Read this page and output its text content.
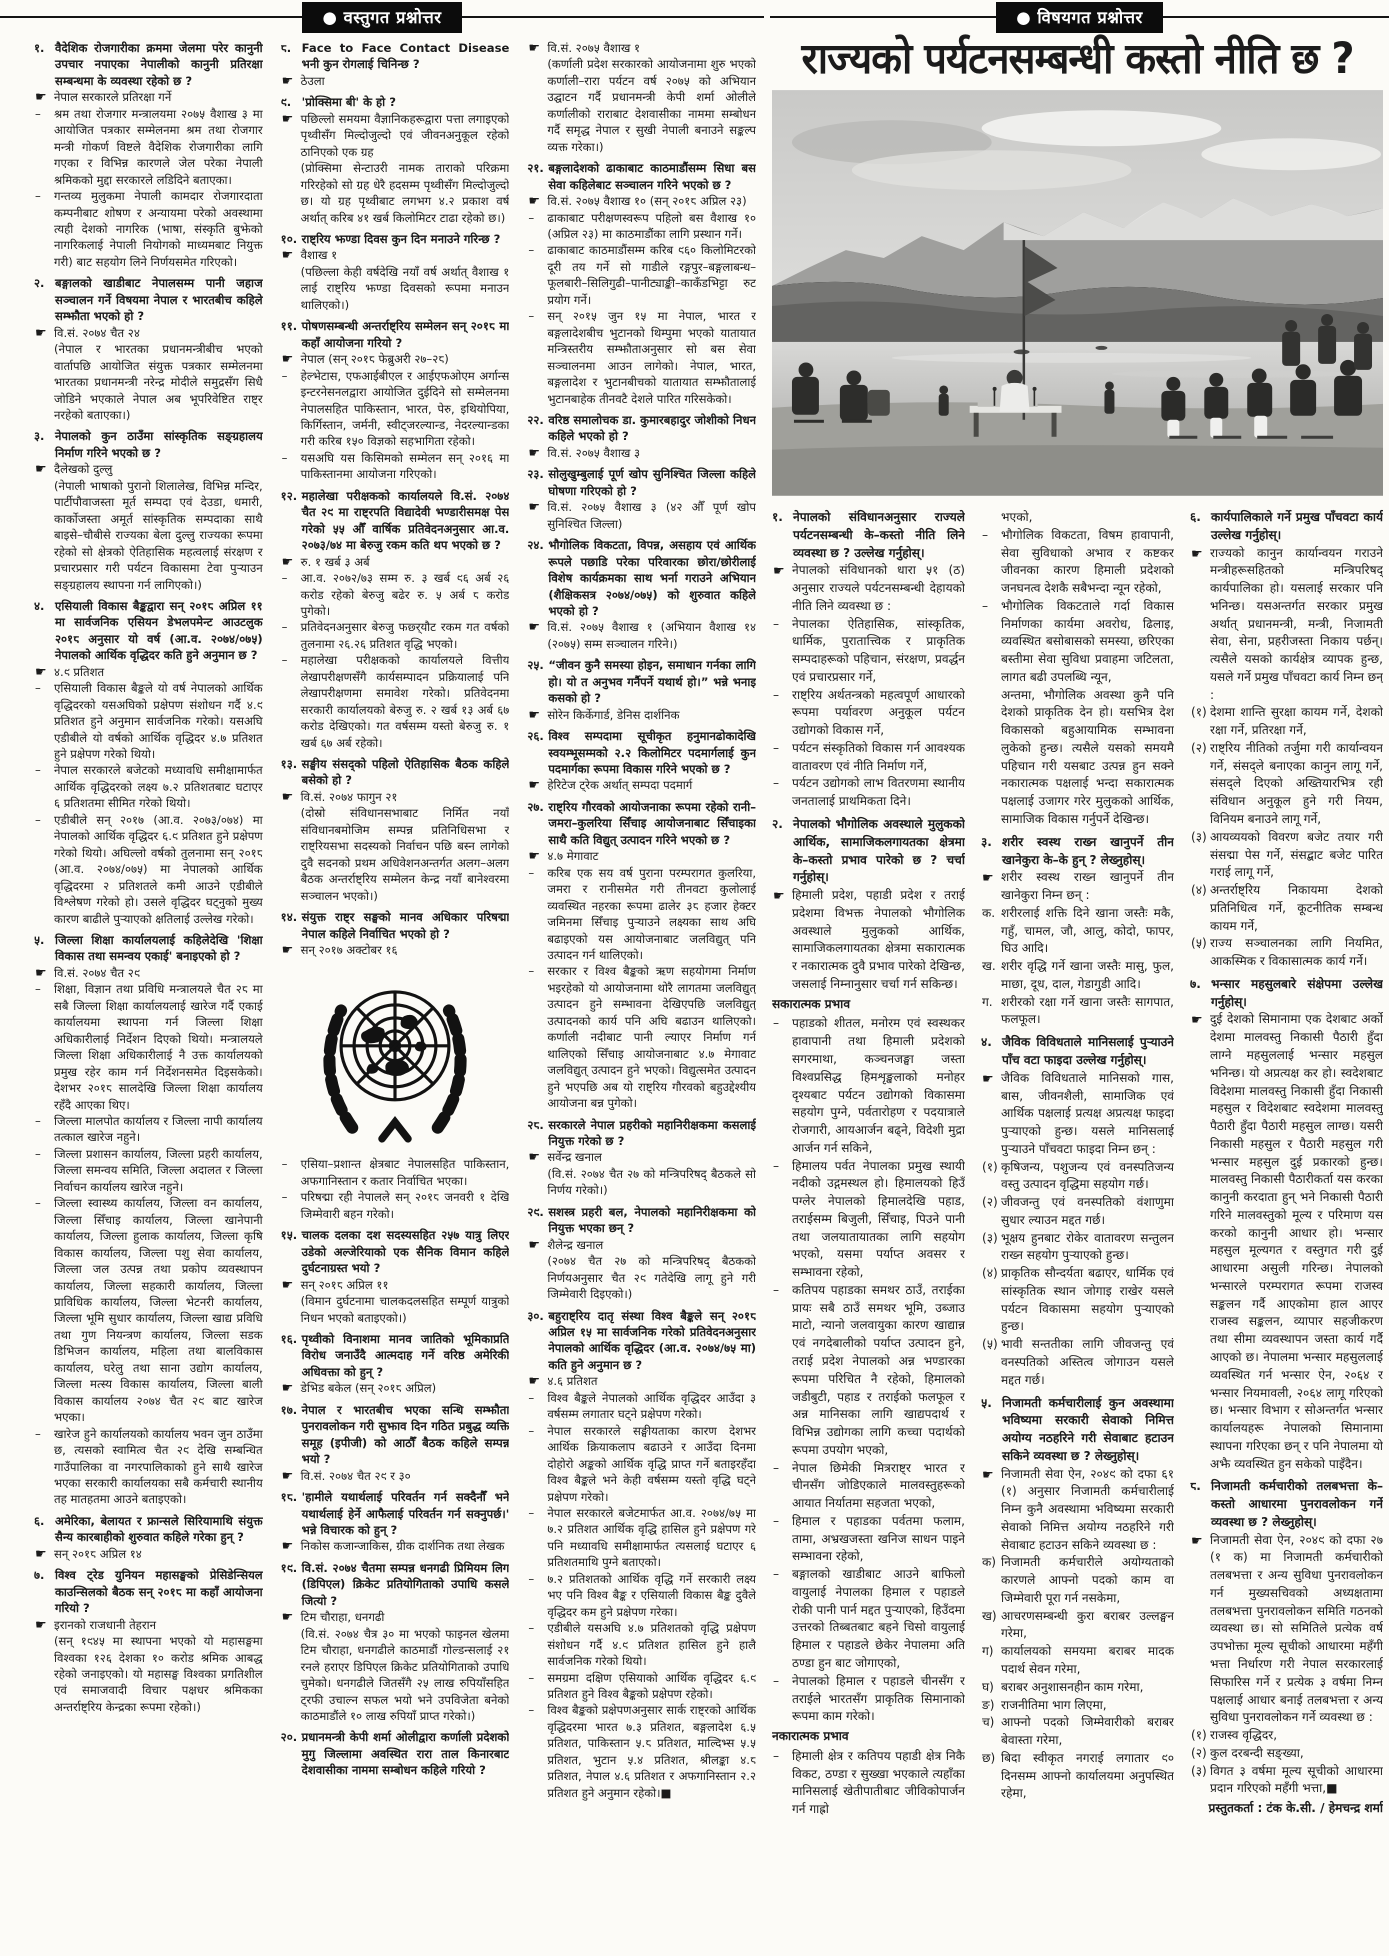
● वस्तुगत प्रश्नोत्तर	● विषयगत प्रश्नोत्तर
१. वैदेशिक रोजगारीका क्रममा जेलमा परेर कानुनी उपचार नपाएका नेपालीको कानुनी प्रतिरक्षा सम्बन्धमा के व्यवस्था रहेको छ ?
☛ नेपाल सरकारले प्रतिरक्षा गर्ने
– श्रम तथा रोजगार मन्त्रालयमा २०७५ वैशाख ३ मा आयोजित पत्रकार सम्मेलनमा श्रम तथा रोजगार मन्त्री गोकर्ण विष्टले वैदेशिक रोजगारीका लागि गएका र विभिन्न कारणले जेल परेका नेपाली श्रमिकको मुद्दा सरकारले लडिदिने बताएका।
– गन्तव्य मुलुकमा नेपाली कामदार रोजगारदाता कम्पनीबाट शोषण र अन्यायमा परेको अवस्थामा त्यही देशको नागरिक (भाषा, संस्कृति बुझेको नागरिकलाई नेपाली नियोगको माध्यमबाट नियुक्त गरी) बाट सहयोग लिने निर्णयसमेत गरिएको।
२. बङ्गालको खाडीबाट नेपालसम्म पानी जहाज सञ्चालन गर्ने विषयमा नेपाल र भारतबीच कहिले सम्झौता भएको हो ?
☛ वि.सं. २०७४ चैत २४
(नेपाल र भारतका प्रधानमन्त्रीबीच भएको वार्तापछि आयोजित संयुक्त पत्रकार सम्मेलनमा भारतका प्रधानमन्त्री नरेन्द्र मोदीले समुद्रसँग सिधै जोडिने भएकाले नेपाल अब भूपरिवेष्टित राष्ट्र नरहेको बताएका।)
३. नेपालको कुन ठाउँमा सांस्कृतिक सङ्ग्रहालय निर्माण गरिने भएको छ ?
☛ दैलेखको दुल्लु
(नेपाली भाषाको पुरानो शिलालेख, विभिन्न मन्दिर, पार्टीपौवाजस्ता मूर्त सम्पदा एवं देउडा, धमारी, कार्कोजस्ता अमूर्त सांस्कृतिक सम्पदाका साथै बाइसे–चौबीसे राज्यका बेला दुल्लु राज्यका रूपमा रहेको सो क्षेत्रको ऐतिहासिक महत्वलाई संरक्षण र प्रचारप्रसार गरी पर्यटन विकासमा टेवा पुर्‍याउन सङ्ग्रहालय स्थापना गर्न लागिएको।)
४. एसियाली विकास बैङ्कद्वारा सन् २०१८ अप्रिल ११ मा सार्वजनिक एसियन डेभलपमेन्ट आउटलुक २०१८ अनुसार यो वर्ष (आ.व. २०७४/०७५) नेपालको आर्थिक वृद्धिदर कति हुने अनुमान छ ?
☛ ४.९ प्रतिशत
– एसियाली विकास बैङ्कले यो वर्ष नेपालको आर्थिक वृद्धिदरको यसअघिको प्रक्षेपण संशोधन गर्दै ४.९ प्रतिशत हुने अनुमान सार्वजनिक गरेको। यसअघि एडीबीले यो वर्षको आर्थिक वृद्धिदर ४.७ प्रतिशत हुने प्रक्षेपण गरेको थियो।
– नेपाल सरकारले बजेटको मध्यावधि समीक्षामार्फत आर्थिक वृद्धिदरको लक्ष्य ७.२ प्रतिशतबाट घटाएर ६ प्रतिशतमा सीमित गरेको थियो।
– एडीबीले सन् २०१७ (आ.व. २०७३/०७४) मा नेपालको आर्थिक वृद्धिदर ६.९ प्रतिशत हुने प्रक्षेपण गरेको थियो। अघिल्लो वर्षको तुलनामा सन् २०१८ (आ.व. २०७४/०७५) मा नेपालको आर्थिक वृद्धिदरमा २ प्रतिशतले कमी आउने एडीबीले विश्लेषण गरेको हो। उसले वृद्धिदर घट्नुको मुख्य कारण बाढीले पुर्‍याएको क्षतिलाई उल्लेख गरेको।
५. जिल्ला शिक्षा कार्यालयलाई कहिलेदेखि 'शिक्षा विकास तथा समन्वय एकाई' बनाइएको हो ?
☛ वि.सं. २०७४ चैत २९
– शिक्षा, विज्ञान तथा प्रविधि मन्त्रालयले चैत २८ मा सबै जिल्ला शिक्षा कार्यालयलाई खारेज गर्दै एकाई कार्यालयमा स्थापना गर्न जिल्ला शिक्षा अधिकारीलाई निर्देशन दिएको थियो। मन्त्रालयले जिल्ला शिक्षा अधिकारीलाई नै उक्त कार्यालयको प्रमुख रहेर काम गर्न निर्देशनसमेत दिइसकेको। देशभर २०१८ सालदेखि जिल्ला शिक्षा कार्यालय रहँदै आएका थिए।
– जिल्ला मालपोत कार्यालय र जिल्ला नापी कार्यालय तत्काल खारेज नहुने।
– जिल्ला प्रशासन कार्यालय, जिल्ला प्रहरी कार्यालय, जिल्ला समन्वय समिति, जिल्ला अदालत र जिल्ला निर्वाचन कार्यालय खारेज नहुने।
– जिल्ला स्वास्थ्य कार्यालय, जिल्ला वन कार्यालय, जिल्ला सिँचाइ कार्यालय, जिल्ला खानेपानी कार्यालय, जिल्ला हुलाक कार्यालय, जिल्ला कृषि विकास कार्यालय, जिल्ला पशु सेवा कार्यालय, जिल्ला जल उत्पन्न तथा प्रकोप व्यवस्थापन कार्यालय, जिल्ला सहकारी कार्यालय, जिल्ला प्राविधिक कार्यालय, जिल्ला भेटनरी कार्यालय, जिल्ला भूमि सुधार कार्यालय, जिल्ला खाद्य प्रविधि तथा गुण नियन्त्रण कार्यालय, जिल्ला सडक डिभिजन कार्यालय, महिला तथा बालविकास कार्यालय, घरेलु तथा साना उद्योग कार्यालय, जिल्ला मत्स्य विकास कार्यालय, जिल्ला बाली विकास कार्यालय २०७४ चैत २९ बाट खारेज भएका।
– खारेज हुने कार्यालयको कार्यालय भवन जुन ठाउँमा छ, त्यसको स्वामित्व चैत २९ देखि सम्बन्धित गाउँपालिका वा नगरपालिकाको हुने साथै खारेज भएका सरकारी कार्यालयका सबै कर्मचारी स्थानीय तह मातहतमा आउने बताइएको।
६. अमेरिका, बेलायत र फ्रान्सले सिरियामाथि संयुक्त सैन्य कारबाहीको शुरुवात कहिले गरेका हुन् ?
☛ सन् २०१८ अप्रिल १४
७. विश्व ट्रेड युनियन महासङ्घको प्रेसिडेन्सियल काउन्सिलको बैठक सन् २०१८ मा कहाँ आयोजना गरियो ?
☛ इरानको राजधानी तेहरान
(सन् १९४५ मा स्थापना भएको यो महासङ्घमा विश्वका १२६ देशका १० करोड श्रमिक आबद्ध रहेको जनाइएको। यो महासङ्घ विश्वका प्रगतिशील एवं समाजवादी विचार पक्षधर श्रमिकका अन्तर्राष्ट्रिय केन्द्रका रूपमा रहेको।)
८. Face to Face Contact Disease भनी कुन रोगलाई चिनिन्छ ?
☛ ठेउला
९. 'प्रोक्सिमा बी' के हो ?
☛ पछिल्लो समयमा वैज्ञानिकहरूद्वारा पत्ता लगाइएको पृथ्वीसँग मिल्दोजुल्दो एवं जीवनअनुकूल रहेको ठानिएको एक ग्रह
(प्रोक्सिमा सेन्टाउरी नामक ताराको परिक्रमा गरिरहेको सो ग्रह धेरै हदसम्म पृथ्वीसँग मिल्दोजुल्दो छ। यो ग्रह पृथ्वीबाट लगभग ४.२ प्रकाश वर्ष अर्थात् करिब ४१ खर्ब किलोमिटर टाढा रहेको छ।)
१०. राष्ट्रिय झण्डा दिवस कुन दिन मनाउने गरिन्छ ?
☛ वैशाख १
(पछिल्ला केही वर्षदेखि नयाँ वर्ष अर्थात् वैशाख १ लाई राष्ट्रिय झण्डा दिवसको रूपमा मनाउन थालिएको।)
११. पोषणसम्बन्धी अन्तर्राष्ट्रिय सम्मेलन सन् २०१८ मा कहाँ आयोजना गरियो ?
☛ नेपाल (सन् २०१८ फेब्रुअरी २७–२८)
– हेल्भेटास, एफआईबीएल र आईएफओएम अर्गान्स इन्टरनेसनलद्वारा आयोजित दुईदिने सो सम्मेलनमा नेपालसहित पाकिस्तान, भारत, पेरु, इथियोपिया, किर्गिस्तान, जर्मनी, स्वीट्जरल्यान्ड, नेदरल्यान्डका गरी करिब १५० विज्ञको सहभागिता रहेको।
– यसअघि यस किसिमको सम्मेलन सन् २०१६ मा पाकिस्तानमा आयोजना गरिएको।
१२. महालेखा परीक्षकको कार्यालयले वि.सं. २०७४ चैत २९ मा राष्ट्रपति विद्यादेवी भण्डारीसमक्ष पेस गरेको ५५ औँ वार्षिक प्रतिवेदनअनुसार आ.व. २०७३/७४ मा बेरुजु रकम कति थप भएको छ ?
☛ रु. १ खर्ब ३ अर्ब
– आ.व. २०७२/७३ सम्म रु. ३ खर्ब ९६ अर्ब २६ करोड रहेको बेरुजु बढेर रु. ५ अर्ब ८ करोड पुगेको।
– प्रतिवेदनअनुसार बेरुजु फछ्र्यौट रकम गत वर्षको तुलनामा २६.२६ प्रतिशत वृद्धि भएको।
– महालेखा परीक्षकको कार्यालयले वित्तीय लेखापरीक्षणसँगै कार्यसम्पादन प्रक्रियालाई पनि लेखापरीक्षणमा समावेश गरेको। प्रतिवेदनमा सरकारी कार्यालयको बेरुजु रु. २ खर्ब १३ अर्ब ६७ करोड देखिएको। गत वर्षसम्म यस्तो बेरुजु रु. १ खर्ब ६७ अर्ब रहेको।
१३. सङ्घीय संसद्को पहिलो ऐतिहासिक बैठक कहिले बसेको हो ?
☛ वि.सं. २०७४ फागुन २१
(दोस्रो संविधानसभाबाट निर्मित नयाँ संविधानबमोजिम सम्पन्न प्रतिनिधिसभा र राष्ट्रियसभा सदस्यको निर्वाचन पछि बस्न लागेको दुवै सदनको प्रथम अधिवेशनअन्तर्गत अलग–अलग बैठक अन्तर्राष्ट्रिय सम्मेलन केन्द्र नयाँ बानेश्वरमा सञ्चालन भएको।)
१४. संयुक्त राष्ट्र सङ्घको मानव अधिकार परिषद्मा नेपाल कहिले निर्वाचित भएको हो ?
☛ सन् २०१७ अक्टोबर १६
– एसिया–प्रशान्त क्षेत्रबाट नेपालसहित पाकिस्तान, अफगानिस्तान र कतार निर्वाचित भएका।
– परिषद्मा रही नेपालले सन् २०१८ जनवरी १ देखि जिम्मेवारी बहन गरेको।
१५. चालक दलका दश सदस्यसहित २५७ यात्रु लिएर उडेको अल्जेरियाको एक सैनिक विमान कहिले दुर्घटनाग्रस्त भयो ?
☛ सन् २०१८ अप्रिल ११
(विमान दुर्घटनामा चालकदलसहित सम्पूर्ण यात्रुको निधन भएको बताइएको।)
१६. पृथ्वीको विनाशमा मानव जातिको भूमिकाप्रति विरोध जनाउँदै आत्मदाह गर्ने वरिष्ठ अमेरिकी अधिवक्ता को हुन् ?
☛ डेभिड बकेल (सन् २०१८ अप्रिल)
१७. नेपाल र भारतबीच भएका सन्धि सम्झौता पुनरावलोकन गरी सुझाव दिन गठित प्रबुद्ध व्यक्ति समूह (इपीजी) को आठौँ बैठक कहिले सम्पन्न भयो ?
☛ वि.सं. २०७४ चैत २९ र ३०
१८. 'हामीले यथार्थलाई परिवर्तन गर्न सक्दैनौँ भने यथार्थलाई हेर्ने आफैलाई परिवर्तन गर्न सक्नुपर्छ।' भन्ने विचारक को हुन् ?
☛ निकोस कजान्जाकिस, ग्रीक दार्शनिक तथा लेखक
१९. वि.सं. २०७४ चैतमा सम्पन्न धनगढी प्रिमियम लिग (डिपिएल) क्रिकेट प्रतियोगिताको उपाधि कसले जित्यो ?
☛ टिम चौराहा, धनगढी
(वि.सं. २०७४ चैत्र ३० मा भएको फाइनल खेलमा टिम चौराहा, धनगढीले काठमाडौं गोल्डन्सलाई २१ रनले हराएर डिपिएल क्रिकेट प्रतियोगिताको उपाधि चुमेको। धनगढीले जितसँगै २५ लाख रुपियाँसहित ट्रफी उचाल्न सफल भयो भने उपविजेता बनेको काठमाडौंले १० लाख रुपियाँ प्राप्त गरेको।)
२०. प्रधानमन्त्री केपी शर्मा ओलीद्वारा कर्णाली प्रदेशको मुगु जिल्लामा अवस्थित रारा ताल किनारबाट देशवासीका नाममा सम्बोधन कहिले गरियो ?
☛ वि.सं. २०७५ वैशाख १
(कर्णाली प्रदेश सरकारको आयोजनामा शुरु भएको कर्णाली–रारा पर्यटन वर्ष २०७५ को अभियान उद्घाटन गर्दै प्रधानमन्त्री केपी शर्मा ओलीले कर्णालीको राराबाट देशवासीका नाममा सम्बोधन गर्दै समृद्ध नेपाल र सुखी नेपाली बनाउने सङ्कल्प व्यक्त गरेका।)
२१. बङ्गलादेशको ढाकाबाट काठमाडौंसम्म सिधा बस सेवा कहिलेबाट सञ्चालन गरिने भएको छ ?
☛ वि.सं. २०७५ वैशाख १० (सन् २०१८ अप्रिल २३)
– ढाकाबाट परीक्षणस्वरूप पहिलो बस वैशाख १० (अप्रिल २३) मा काठमाडौंका लागि प्रस्थान गर्ने।
– ढाकाबाट काठमाडौंसम्म करिब ९६० किलोमिटरको दूरी तय गर्ने सो गाडीले रङ्गपुर–बङ्गलाबन्ध–फूलबारी–सिलिगुढी–पानीट्याङ्की–काकँडभिट्टा रुट प्रयोग गर्ने।
– सन् २०१५ जुन १५ मा नेपाल, भारत र बङ्गलादेशबीच भुटानको थिम्पुमा भएको यातायात मन्त्रिस्तरीय सम्झौताअनुसार सो बस सेवा सञ्चालनमा आउन लागेको। नेपाल, भारत, बङ्गलादेश र भुटानबीचको यातायात सम्झौतालाई भुटानबाहेक तीनवटै देशले पारित गरिसकेको।
२२. वरिष्ठ समालोचक डा. कुमारबहादुर जोशीको निधन कहिले भएको हो ?
☛ वि.सं. २०७५ वैशाख ३
२३. सोलुखुम्बुलाई पूर्ण खोप सुनिश्चित जिल्ला कहिले घोषणा गरिएको हो ?
☛ वि.सं. २०७५ वैशाख ३ (४२ औँ पूर्ण खोप सुनिश्चित जिल्ला)
२४. भौगोलिक विकटता, विपन्न, असहाय एवं आर्थिक रूपले पछाडि परेका परिवारका छोरा/छोरीलाई विशेष कार्यक्रमका साथ भर्ना गराउने अभियान (शैक्षिकसत्र २०७४/०७५) को शुरुवात कहिले भएको हो ?
☛ वि.सं. २०७५ वैशाख १ (अभियान वैशाख १४ (२०७५) सम्म सञ्चालन गरिने।)
२५. “जीवन कुनै समस्या होइन, समाधान गर्नका लागि हो। यो त अनुभव गर्नैपर्ने यथार्थ हो।” भन्ने भनाइ कसको हो ?
☛ सोरेन किर्केगार्ड, डेनिस दार्शनिक
२६. विश्व सम्पदामा सूचीकृत हनुमानढोकादेखि स्वयम्भूसम्मको २.२ किलोमिटर पदमार्गलाई कुन पदमार्गका रूपमा विकास गरिने भएको छ ?
☛ हेरिटेज ट्रेक अर्थात् सम्पदा पदमार्ग
२७. राष्ट्रिय गौरवको आयोजनाका रूपमा रहेको रानी–जमरा–कुलरिया सिँचाइ आयोजनाबाट सिँचाइका साथै कति विद्युत् उत्पादन गरिने भएको छ ?
☛ ४.७ मेगावाट
– करिब एक सय वर्ष पुराना परम्परागत कुलरिया, जमरा र रानीसमेत गरी तीनवटा कुलोलाई व्यवस्थित नहरका रूपमा ढालेर ३८ हजार हेक्टर जमिनमा सिँचाइ पुर्‍याउने लक्ष्यका साथ अघि बढाइएको यस आयोजनाबाट जलविद्युत् पनि उत्पादन गर्न थालिएको।
– सरकार र विश्व बैङ्कको ऋण सहयोगमा निर्माण भइरहेको यो आयोजनामा थोरै लागतमा जलविद्युत् उत्पादन हुने सम्भावना देखिएपछि जलविद्युत् उत्पादनको कार्य पनि अघि बढाउन थालिएको। कर्णाली नदीबाट पानी ल्याएर निर्माण गर्न थालिएको सिँचाइ आयोजनाबाट ४.७ मेगावाट जलविद्युत् उत्पादन हुने भएको। विद्युत्समेत उत्पादन हुने भएपछि अब यो राष्ट्रिय गौरवको बहुउद्देश्यीय आयोजना बन्न पुगेको।
२८. सरकारले नेपाल प्रहरीको महानिरीक्षकमा कसलाई नियुक्त गरेको छ ?
☛ सर्वेन्द्र खनाल
(वि.सं. २०७४ चैत २७ को मन्त्रिपरिषद् बैठकले सो निर्णय गरेको।)
२९. सशस्त्र प्रहरी बल, नेपालको महानिरीक्षकमा को नियुक्त भएका छन् ?
☛ शैलेन्द्र खनाल
(२०७४ चैत २७ को मन्त्रिपरिषद् बैठकको निर्णयअनुसार चैत २९ गतेदेखि लागू हुने गरी जिम्मेवारी दिइएको।)
३०. बहुराष्ट्रिय दातृ संस्था विश्व बैङ्कले सन् २०१८ अप्रिल १५ मा सार्वजनिक गरेको प्रतिवेदनअनुसार नेपालको आर्थिक वृद्धिदर (आ.व. २०७४/७५ मा) कति हुने अनुमान छ ?
☛ ४.६ प्रतिशत
– विश्व बैङ्कले नेपालको आर्थिक वृद्धिदर आउँदा ३ वर्षसम्म लगातार घट्ने प्रक्षेपण गरेको।
– नेपाल सरकारले सङ्घीयताका कारण देशभर आर्थिक क्रियाकलाप बढाउने र आउँदा दिनमा दोहोरो अङ्कको आर्थिक वृद्धि प्राप्त गर्ने बताइरहँदा विश्व बैङ्कले भने केही वर्षसम्म यस्तो वृद्धि घट्ने प्रक्षेपण गरेको।
– नेपाल सरकारले बजेटमार्फत आ.व. २०७४/७५ मा ७.२ प्रतिशत आर्थिक वृद्धि हासिल हुने प्रक्षेपण गरे पनि मध्यावधि समीक्षामार्फत त्यसलाई घटाएर ६ प्रतिशतमाथि पुग्ने बताएको।
– ७.२ प्रतिशतको आर्थिक वृद्धि गर्ने सरकारी लक्ष्य भए पनि विश्व बैङ्क र एसियाली विकास बैङ्क दुवैले वृद्धिदर कम हुने प्रक्षेपण गरेका।
– एडीबीले यसअघि ४.७ प्रतिशतको वृद्धि प्रक्षेपण संशोधन गर्दै ४.९ प्रतिशत हासिल हुने हालै सार्वजनिक गरेको थियो।
– समग्रमा दक्षिण एसियाको आर्थिक वृद्धिदर ६.९ प्रतिशत हुने विश्व बैङ्कको प्रक्षेपण रहेको।
– विश्व बैङ्कको प्रक्षेपणअनुसार सार्क राष्ट्रको आर्थिक वृद्धिदरमा भारत ७.३ प्रतिशत, बङ्गलादेश ६.५ प्रतिशत, पाकिस्तान ५.८ प्रतिशत, माल्दिभ्स ५.५ प्रतिशत, भुटान ५.४ प्रतिशत, श्रीलङ्का ४.८ प्रतिशत, नेपाल ४.६ प्रतिशत र अफगानिस्तान २.२ प्रतिशत हुने अनुमान रहेको।■
राज्यको पर्यटनसम्बन्धी कस्तो नीति छ ?
१. नेपालको संविधानअनुसार राज्यले पर्यटनसम्बन्धी के–कस्तो नीति लिने व्यवस्था छ ? उल्लेख गर्नुहोस्।
☛ नेपालको संविधानको धारा ५१ (ठ) अनुसार राज्यले पर्यटनसम्बन्धी देहायको नीति लिने व्यवस्था छ :
– नेपालका ऐतिहासिक, सांस्कृतिक, धार्मिक, पुरातात्त्विक र प्राकृतिक सम्पदाहरूको पहिचान, संरक्षण, प्रवर्द्धन एवं प्रचारप्रसार गर्ने,
– राष्ट्रिय अर्थतन्त्रको महत्वपूर्ण आधारको रूपमा पर्यावरण अनुकूल पर्यटन उद्योगको विकास गर्ने,
– पर्यटन संस्कृतिको विकास गर्न आवश्यक वातावरण एवं नीति निर्माण गर्ने,
– पर्यटन उद्योगको लाभ वितरणमा स्थानीय जनतालाई प्राथमिकता दिने।
२. नेपालको भौगोलिक अवस्थाले मुलुकको आर्थिक, सामाजिकलगायतका क्षेत्रमा के–कस्तो प्रभाव पारेको छ ? चर्चा गर्नुहोस्।
☛ हिमाली प्रदेश, पहाडी प्रदेश र तराई प्रदेशमा विभक्त नेपालको भौगोलिक अवस्थाले मुलुकको आर्थिक, सामाजिकलगायतका क्षेत्रमा सकारात्मक र नकारात्मक दुवै प्रभाव पारेको देखिन्छ, जसलाई निम्नानुसार चर्चा गर्न सकिन्छ।
सकारात्मक प्रभाव
– पहाडको शीतल, मनोरम एवं स्वस्थकर हावापानी तथा हिमाली प्रदेशको सगरमाथा, कञ्चनजङ्घा जस्ता विश्वप्रसिद्ध हिमशृङ्खलाको मनोहर दृश्यबाट पर्यटन उद्योगको विकासमा सहयोग पुग्ने, पर्वतारोहण र पदयात्राले रोजगारी, आयआर्जन बढ्ने, विदेशी मुद्रा आर्जन गर्न सकिने,
– हिमालय पर्वत नेपालका प्रमुख स्थायी नदीको उद्गमस्थल हो। हिमालयको हिउँ पग्लेर नेपालको हिमालदेखि पहाड, तराईसम्म बिजुली, सिँचाइ, पिउने पानी तथा जलयातायातका लागि सहयोग भएको, यसमा पर्याप्त अवसर र सम्भावना रहेको,
– कतिपय पहाडका समथर ठाउँ, तराईका प्रायः सबै ठाउँ समथर भूमि, उब्जाउ माटो, न्यानो जलवायुका कारण खाद्यान्न एवं नगदेबालीको पर्याप्त उत्पादन हुने, तराई प्रदेश नेपालको अन्न भण्डारका रूपमा परिचित नै रहेको, हिमालको जडीबुटी, पहाड र तराईको फलफूल र अन्न मानिसका लागि खाद्यपदार्थ र विभिन्न उद्योगका लागि कच्चा पदार्थको रूपमा उपयोग भएको,
– नेपाल छिमेकी मित्रराष्ट्र भारत र चीनसँग जोडिएकाले मालवस्तुहरूको आयात निर्यातमा सहजता भएको,
– हिमाल र पहाडका पर्वतमा फलाम, तामा, अभ्रखजस्ता खनिज साधन पाइने सम्भावना रहेको,
– बङ्गालको खाडीबाट आउने बाफिलो वायुलाई नेपालका हिमाल र पहाडले रोकी पानी पार्न मद्दत पुर्‍याएको, हिउँदमा उत्तरको तिब्बतबाट बहने चिसो वायुलाई हिमाल र पहाडले छेकेर नेपालमा अति ठण्डा हुन बाट जोगाएको,
– नेपालको हिमाल र पहाडले चीनसँग र तराईले भारतसँग प्राकृतिक सिमानाको रूपमा काम गरेको।
नकारात्मक प्रभाव
– हिमाली क्षेत्र र कतिपय पहाडी क्षेत्र निकै विकट, ठण्डा र सुख्खा भएकाले त्यहाँका मानिसलाई खेतीपातीबाट जीविकोपार्जन गर्न गाह्रो
भएको,
– भौगोलिक विकटता, विषम हावापानी, सेवा सुविधाको अभाव र कष्टकर जीवनका कारण हिमाली प्रदेशको जनघनत्व देशकै सबैभन्दा न्यून रहेको,
– भौगोलिक विकटताले गर्दा विकास निर्माणका कार्यमा अवरोध, ढिलाइ, व्यवस्थित बसोबासको समस्या, छरिएका बस्तीमा सेवा सुविधा प्रवाहमा जटिलता, लागत बढी उपलब्धि न्यून,
अन्तमा, भौगोलिक अवस्था कुनै पनि देशको प्राकृतिक देन हो। यसभित्र देश विकासको बहुआयामिक सम्भावना लुकेको हुन्छ। त्यसैले यसको समयमै पहिचान गरी यसबाट उत्पन्न हुन सक्ने नकारात्मक पक्षलाई भन्दा सकारात्मक पक्षलाई उजागर गरेर मुलुकको आर्थिक, सामाजिक विकास गर्नुपर्ने देखिन्छ।
३. शरीर स्वस्थ राख्न खानुपर्ने तीन खानेकुरा के–के हुन् ? लेख्नुहोस्।
☛ शरीर स्वस्थ राख्न खानुपर्ने तीन खानेकुरा निम्न छन् :
क. शरीरलाई शक्ति दिने खाना जस्तैः मकै, गहुँ, चामल, जौ, आलु, कोदो, फापर, घिउ आदि।
ख. शरीर वृद्धि गर्ने खाना जस्तैः मासु, फुल, माछा, दूध, दाल, गेडागुडी आदि।
ग. शरीरको रक्षा गर्ने खाना जस्तैः सागपात, फलफूल।
४. जैविक विविधताले मानिसलाई पुर्‍याउने पाँच वटा फाइदा उल्लेख गर्नुहोस्।
☛ जैविक विविधताले मानिसको गास, बास, जीवनशैली, सामाजिक एवं आर्थिक पक्षलाई प्रत्यक्ष अप्रत्यक्ष फाइदा पुर्‍याएको हुन्छ। यसले मानिसलाई पुर्‍याउने पाँचवटा फाइदा निम्न छन् :
(१) कृषिजन्य, पशुजन्य एवं वनस्पतिजन्य वस्तु उत्पादन वृद्धिमा सहयोग गर्छ।
(२) जीवजन्तु एवं वनस्पतिको वंशाणुमा सुधार ल्याउन मद्दत गर्छ।
(३) भूक्षय हुनबाट रोकेर वातावरण सन्तुलन राख्न सहयोग पुर्‍याएको हुन्छ।
(४) प्राकृतिक सौन्दर्यता बढाएर, धार्मिक एवं सांस्कृतिक स्थान जोगाइ राखेर यसले पर्यटन विकासमा सहयोग पुर्‍याएको हुन्छ।
(५) भावी सन्ततीका लागि जीवजन्तु एवं वनस्पतिको अस्तित्व जोगाउन यसले मद्दत गर्छ।
५. निजामती कर्मचारीलाई कुन अवस्थामा भविष्यमा सरकारी सेवाको निमित्त अयोग्य नठहरिने गरी सेवाबाट हटाउन सकिने व्यवस्था छ ? लेख्नुहोस्।
☛ निजामती सेवा ऐन, २०४९ को दफा ६१ (१) अनुसार निजामती कर्मचारीलाई निम्न कुनै अवस्थामा भविष्यमा सरकारी सेवाको निमित्त अयोग्य नठहरिने गरी सेवाबाट हटाउन सकिने व्यवस्था छ :
क) निजामती कर्मचारीले अयोग्यताको कारणले आफ्नो पदको काम वा जिम्मेवारी पूरा गर्न नसकेमा,
ख) आचरणसम्बन्धी कुरा बराबर उल्लङ्घन गरेमा,
ग) कार्यालयको समयमा बराबर मादक पदार्थ सेवन गरेमा,
घ) बराबर अनुशासनहीन काम गरेमा,
ङ) राजनीतिमा भाग लिएमा,
च) आफ्नो पदको जिम्मेवारीको बराबर बेवास्ता गरेमा,
छ) बिदा स्वीकृत नगराई लगातार ९० दिनसम्म आफ्नो कार्यालयमा अनुपस्थित रहेमा,
६. कार्यपालिकाले गर्ने प्रमुख पाँचवटा कार्य उल्लेख गर्नुहोस्।
☛ राज्यको कानुन कार्यान्वयन गराउने मन्त्रीहरूसहितको मन्त्रिपरिषद् कार्यपालिका हो। यसलाई सरकार पनि भनिन्छ। यसअन्तर्गत सरकार प्रमुख अर्थात् प्रधानमन्त्री, मन्त्री, निजामती सेवा, सेना, प्रहरीजस्ता निकाय पर्छन्। त्यसैले यसको कार्यक्षेत्र व्यापक हुन्छ, यसले गर्ने प्रमुख पाँचवटा कार्य निम्न छन् :
(१) देशमा शान्ति सुरक्षा कायम गर्ने, देशको रक्षा गर्ने, प्रतिरक्षा गर्ने,
(२) राष्ट्रिय नीतिको तर्जुमा गरी कार्यान्वयन गर्ने, संसद्ले बनाएका कानुन लागू गर्ने, संसद्ले दिएको अख्तियारभित्र रही संविधान अनुकूल हुने गरी नियम, विनियम बनाउने लागू गर्ने,
(३) आयव्ययको विवरण बजेट तयार गरी संसद्मा पेस गर्ने, संसद्बाट बजेट पारित गराई लागू गर्ने,
(४) अन्तर्राष्ट्रिय निकायमा देशको प्रतिनिधित्व गर्ने, कूटनीतिक सम्बन्ध कायम गर्ने,
(५) राज्य सञ्चालनका लागि नियमित, आकस्मिक र विकासात्मक कार्य गर्ने।
७. भन्सार महसुलबारे संक्षेपमा उल्लेख गर्नुहोस्।
☛ दुई देशको सिमानामा एक देशबाट अर्को देशमा मालवस्तु निकासी पैठारी हुँदा लाग्ने महसुललाई भन्सार महसुल भनिन्छ। यो अप्रत्यक्ष कर हो। स्वदेशबाट विदेशमा मालवस्तु निकासी हुँदा निकासी महसुल र विदेशबाट स्वदेशमा मालवस्तु पैठारी हुँदा पैठारी महसुल लाग्छ। यसरी निकासी महसुल र पैठारी महसुल गरी भन्सार महसुल दुई प्रकारको हुन्छ। मालवस्तु निकासी पैठारीकर्ता यस करका कानुनी करदाता हुन् भने निकासी पैठारी गरिने मालवस्तुको मूल्य र परिमाण यस करको कानुनी आधार हो। भन्सार महसुल मूल्यगत र वस्तुगत गरी दुई आधारमा असुली गरिन्छ। नेपालको भन्सारले परम्परागत रूपमा राजस्व सङ्कलन गर्दै आएकोमा हाल आएर राजस्व सङ्कलन, व्यापार सहजीकरण तथा सीमा व्यवस्थापन जस्ता कार्य गर्दै आएको छ। नेपालमा भन्सार महसुललाई व्यवस्थित गर्न भन्सार ऐन, २०६४ र भन्सार नियमावली, २०६४ लागू गरिएको छ। भन्सार विभाग र सोअन्तर्गत भन्सार कार्यालयहरू नेपालको सिमानामा स्थापना गरिएका छन् र पनि नेपालमा यो अझै व्यवस्थित हुन सकेको पाइँदैन।
८. निजामती कर्मचारीको तलबभत्ता के–कस्तो आधारमा पुनरावलोकन गर्ने व्यवस्था छ ? लेख्नुहोस्।
☛ निजामती सेवा ऐन, २०४९ को दफा २७ (१ क) मा निजामती कर्मचारीको तलबभत्ता र अन्य सुविधा पुनरावलोकन गर्न मुख्यसचिवको अध्यक्षतामा तलबभत्ता पुनरावलोकन समिति गठनको व्यवस्था छ। सो समितिले प्रत्येक वर्ष उपभोक्ता मूल्य सूचीको आधारमा महँगी भत्ता निर्धारण गरी नेपाल सरकारलाई सिफारिस गर्ने र प्रत्येक ३ वर्षमा निम्न पक्षलाई आधार बनाई तलबभत्ता र अन्य सुविधा पुनरावलोकन गर्ने व्यवस्था छ :
(१) राजस्व वृद्धिदर,
(२) कुल दरबन्दी सङ्ख्या,
(३) विगत ३ वर्षमा मूल्य सूचीको आधारमा प्रदान गरिएको महँगी भत्ता,■
प्रस्तुतकर्ता : टंक के.सी. / हेमचन्द्र शर्मा
